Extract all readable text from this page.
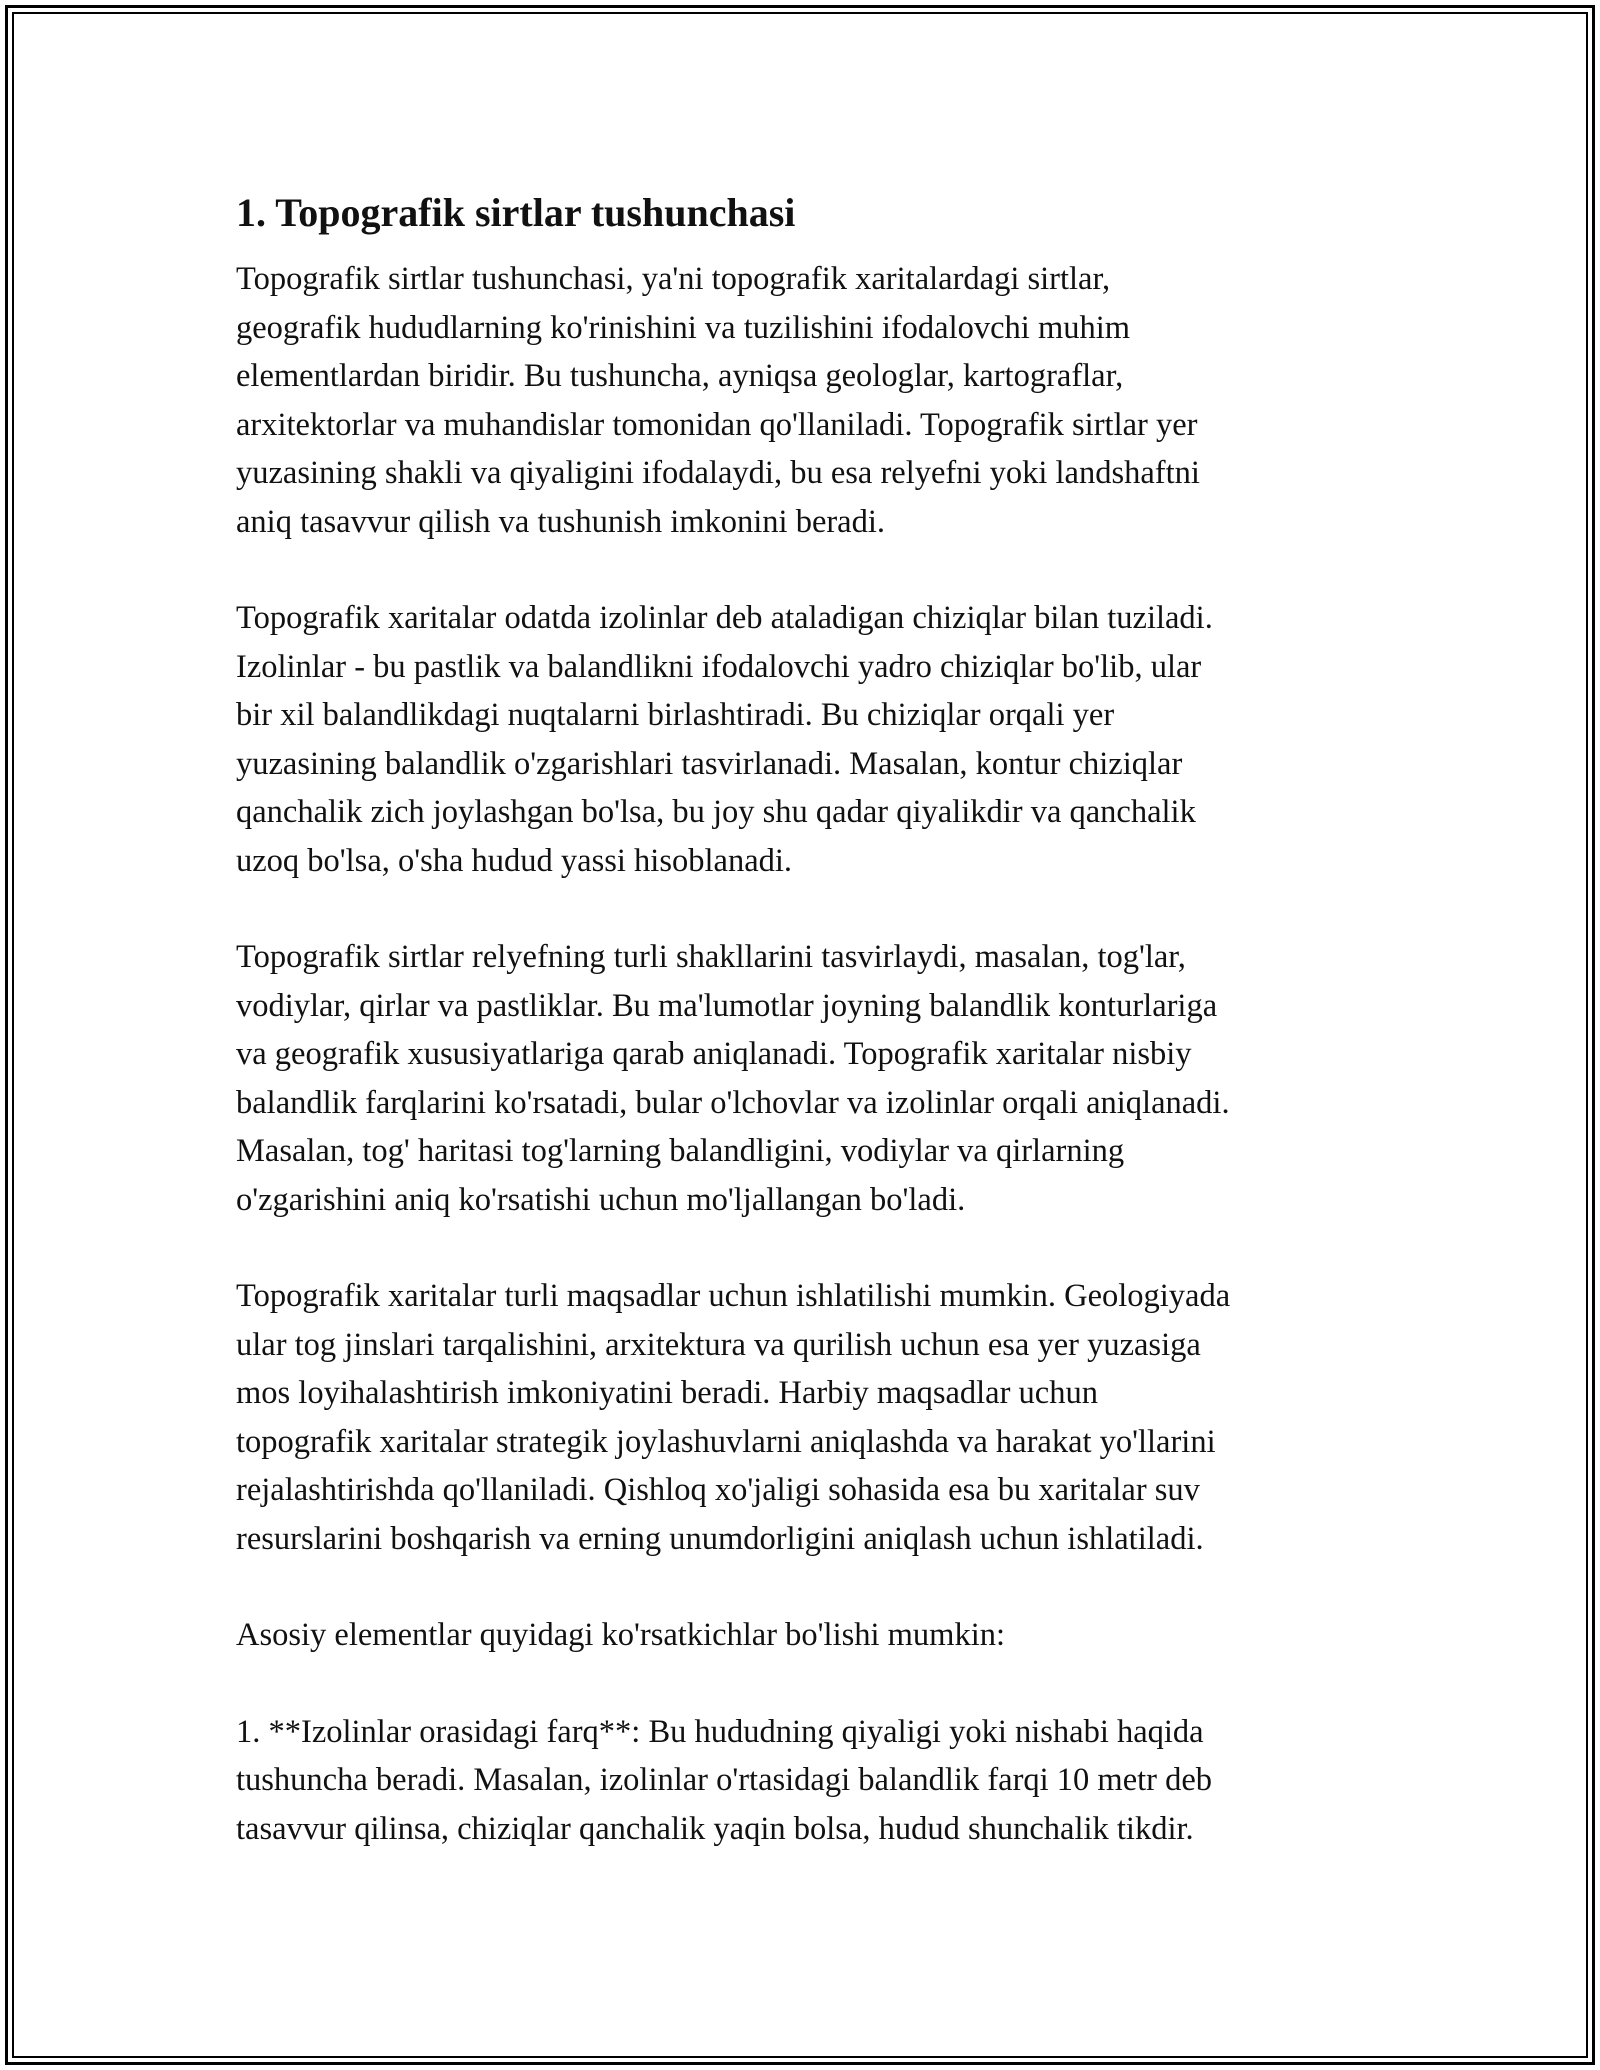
1. Topografik sirtlar tushunchasi

Topografik sirtlar tushunchasi, ya'ni topografik xaritalardagi sirtlar,
geografik hududlarning ko'rinishini va tuzilishini ifodalovchi muhim
elementlardan biridir. Bu tushuncha, ayniqsa geologlar, kartograflar,
arxitektorlar va muhandislar tomonidan qo'llaniladi. Topografik sirtlar yer
yuzasining shakli va qiyaligini ifodalaydi, bu esa relyefni yoki landshaftni
aniq tasavvur qilish va tushunish imkonini beradi.

Topografik xaritalar odatda izolinlar deb ataladigan chiziqlar bilan tuziladi.
Izolinlar - bu pastlik va balandlikni ifodalovchi yadro chiziqlar bo'lib, ular
bir xil balandlikdagi nuqtalarni birlashtiradi. Bu chiziqlar orqali yer
yuzasining balandlik o'zgarishlari tasvirlanadi. Masalan, kontur chiziqlar
qanchalik zich joylashgan bo'lsa, bu joy shu qadar qiyalikdir va qanchalik
uzoq bo'lsa, o'sha hudud yassi hisoblanadi.

Topografik sirtlar relyefning turli shakllarini tasvirlaydi, masalan, tog'lar,
vodiylar, qirlar va pastliklar. Bu ma'lumotlar joyning balandlik konturlariga
va geografik xususiyatlariga qarab aniqlanadi. Topografik xaritalar nisbiy
balandlik farqlarini ko'rsatadi, bular o'lchovlar va izolinlar orqali aniqlanadi.
Masalan, tog' haritasi tog'larning balandligini, vodiylar va qirlarning
o'zgarishini aniq ko'rsatishi uchun mo'ljallangan bo'ladi.

Topografik xaritalar turli maqsadlar uchun ishlatilishi mumkin. Geologiyada
ular tog jinslari tarqalishini, arxitektura va qurilish uchun esa yer yuzasiga
mos loyihalashtirish imkoniyatini beradi. Harbiy maqsadlar uchun
topografik xaritalar strategik joylashuvlarni aniqlashda va harakat yo'llarini
rejalashtirishda qo'llaniladi. Qishloq xo'jaligi sohasida esa bu xaritalar suv
resurslarini boshqarish va erning unumdorligini aniqlash uchun ishlatiladi.

Asosiy elementlar quyidagi ko'rsatkichlar bo'lishi mumkin:

1. **Izolinlar orasidagi farq**: Bu hududning qiyaligi yoki nishabi haqida
tushuncha beradi. Masalan, izolinlar o'rtasidagi balandlik farqi 10 metr deb
tasavvur qilinsa, chiziqlar qanchalik yaqin bolsa, hudud shunchalik tikdir.
